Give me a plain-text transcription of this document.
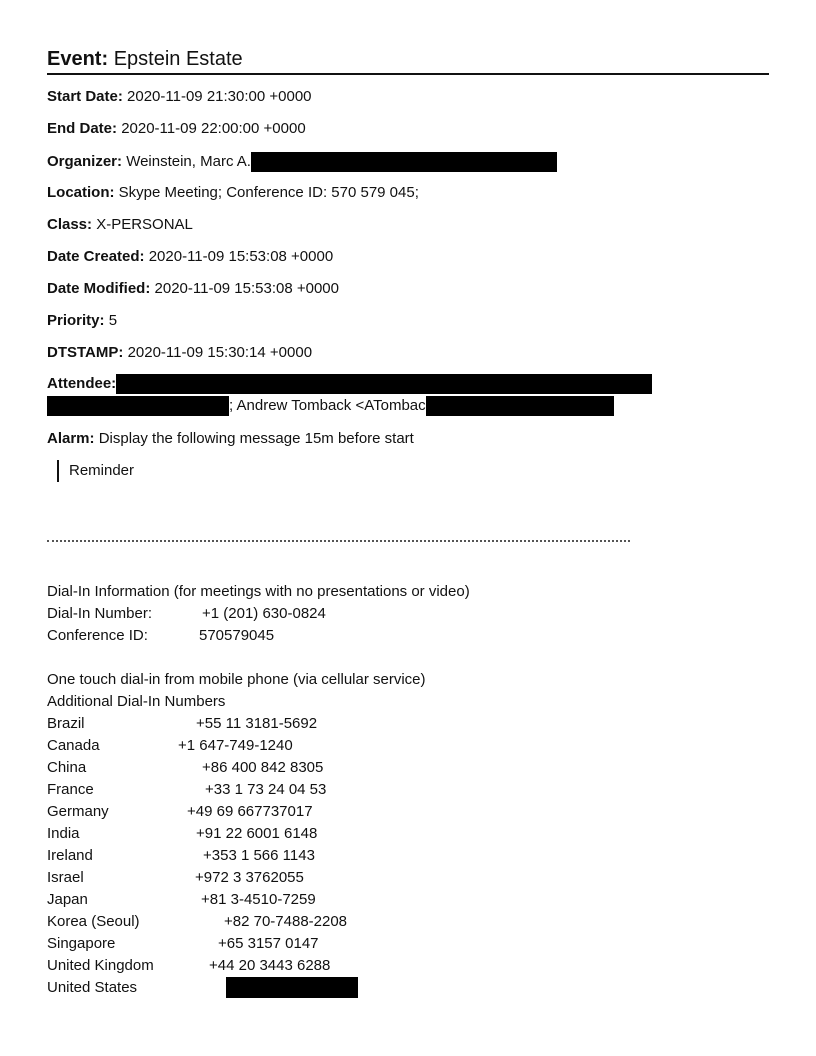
Event: Epstein Estate
Start Date: 2020-11-09 21:30:00 +0000
End Date: 2020-11-09 22:00:00 +0000
Organizer: Weinstein, Marc A.
Location: Skype Meeting; Conference ID: 570 579 045;
Class: X-PERSONAL
Date Created: 2020-11-09 15:53:08 +0000
Date Modified: 2020-11-09 15:53:08 +0000
Priority: 5
DTSTAMP: 2020-11-09 15:30:14 +0000
Attendee:
; Andrew Tomback <ATombac
Alarm: Display the following message 15m before start
Reminder
Dial-In Information (for meetings with no presentations or video)
Dial-In Number:	+1 (201) 630-0824
Conference ID:	570579045
One touch dial-in from mobile phone (via cellular service)
Additional Dial-In Numbers
Brazil	+55 11 3181-5692
Canada	+1 647-749-1240
China	+86 400 842 8305
France	+33 1 73 24 04 53
Germany	+49 69 667737017
India	+91 22 6001 6148
Ireland	+353 1 566 1143
Israel	+972 3 3762055
Japan	+81 3-4510-7259
Korea (Seoul)	+82 70-7488-2208
Singapore	+65 3157 0147
United Kingdom	+44 20 3443 6288
United States
